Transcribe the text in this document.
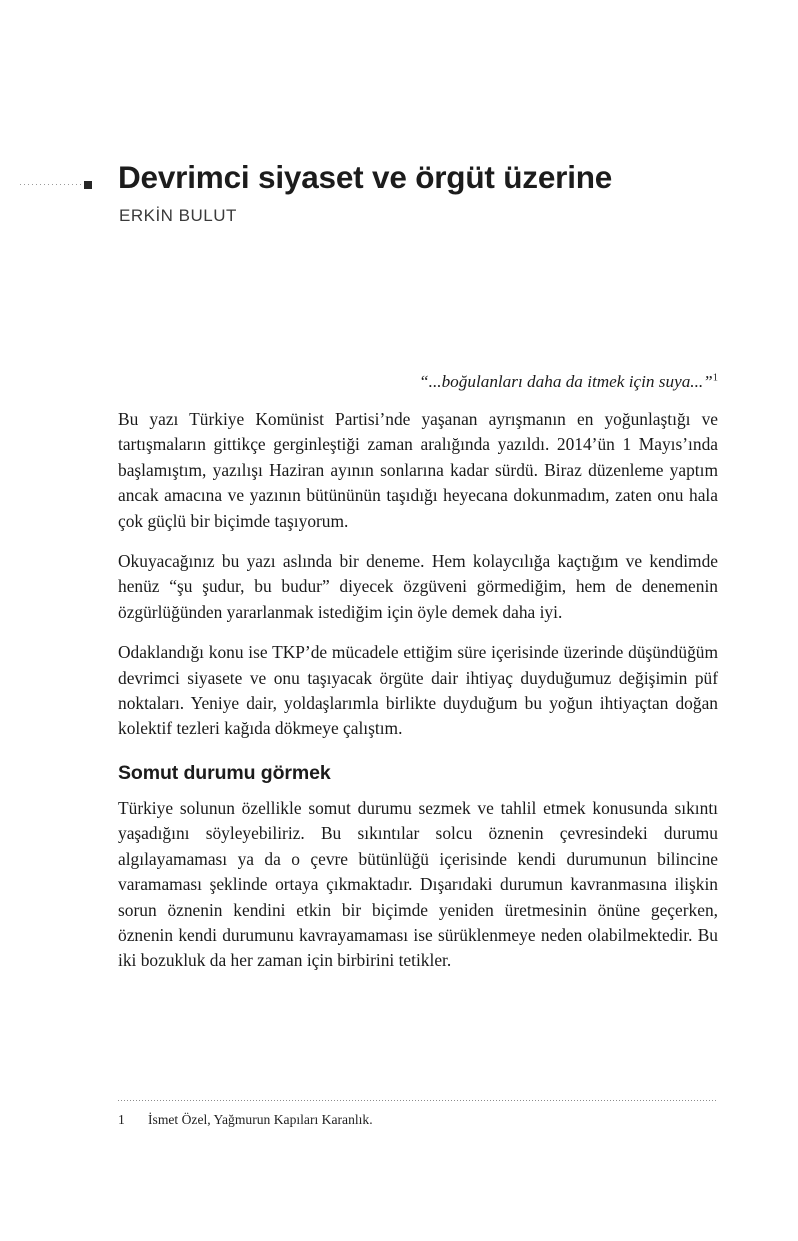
Devrimci siyaset ve örgüt üzerine
ERKİN BULUT
“...boğulanları daha da itmek için suya...”$^1$

Bu yazı Türkiye Komünist Partisi’nde yaşanan ayrışmanın en yoğunlaştığı ve tartışmaların gittikçe gerginleştiği zaman aralığında yazıldı. 2014’ün 1 Mayıs’ında başlamıştım, yazılışı Haziran ayının sonlarına kadar sürdü. Biraz düzenleme yaptım ancak amacına ve yazının bütününün taşıdığı heyecana dokunmadım, zaten onu hala çok güçlü bir biçimde taşıyorum.

Okuyacağınız bu yazı aslında bir deneme. Hem kolaycılığa kaçtığım ve kendimde henüz “şu şudur, bu budur” diyecek özgüveni görmediğim, hem de denemenin özgürlüğünden yararlanmak istediğim için öyle demek daha iyi.

Odaklandığı konu ise TKP’de mücadele ettiğim süre içerisinde üzerinde düşündüğüm devrimci siyasete ve onu taşıyacak örgüte dair ihtiyaç duyduğumuz değişimin püf noktaları. Yeniye dair, yoldaşlarımla birlikte duyduğum bu yoğun ihtiyaçtan doğan kolektif tezleri kağıda dökmeye çalıştım.

Somut durumu görmek

Türkiye solunun özellikle somut durumu sezmek ve tahlil etmek konusunda sıkıntı yaşadığını söyleyebiliriz. Bu sıkıntılar solcu öznenin çevresindeki durumu algılayamaması ya da o çevre bütünlüğü içerisinde kendi durumunun bilincine varamaması şeklinde ortaya çıkmaktadır. Dışarıdaki durumun kavranmasına ilişkin sorun öznenin kendini etkin bir biçimde yeniden üretmesinin önüne geçerken, öznenin kendi durumunu kavrayamaması ise sürüklenmeye neden olabilmektedir. Bu iki bozukluk da her zaman için birbirini tetikler.

1	İsmet Özel, Yağmurun Kapıları Karanlık.
